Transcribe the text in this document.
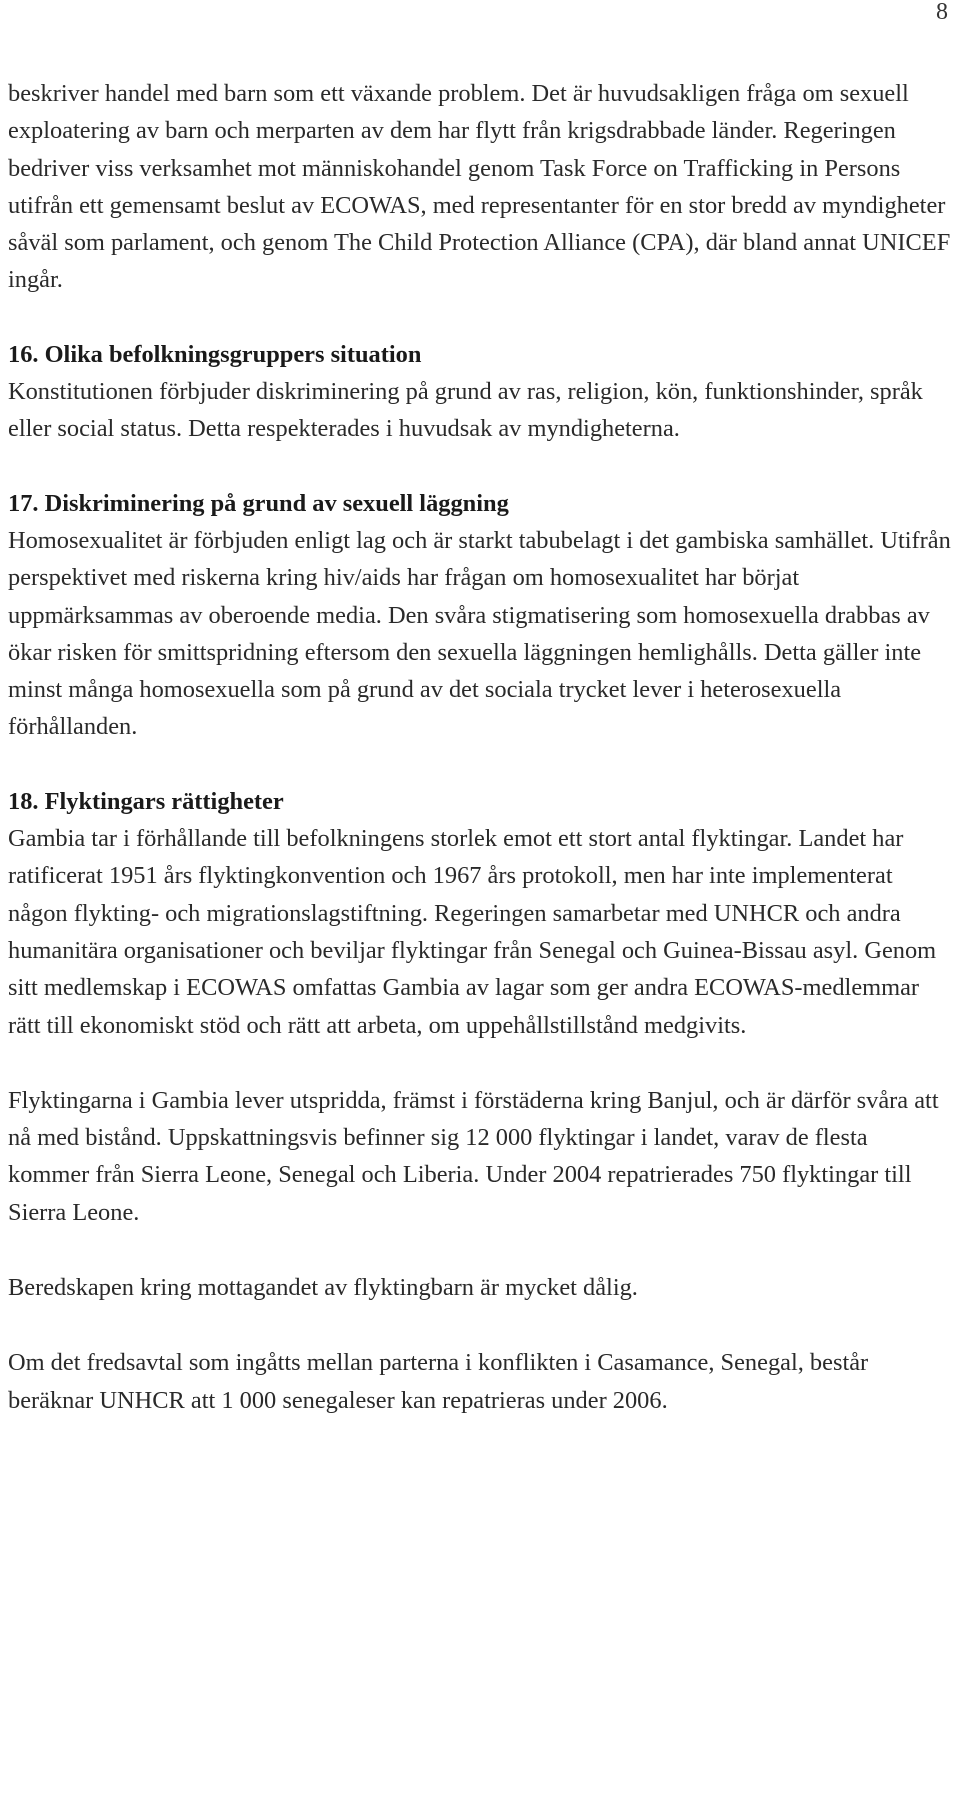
8

beskriver handel med barn som ett växande problem. Det är huvudsakligen fråga om sexuell exploatering av barn och merparten av dem har flytt från krigsdrabbade länder. Regeringen bedriver viss verksamhet mot människohandel genom Task Force on Trafficking in Persons utifrån ett gemensamt beslut av ECOWAS, med representanter för en stor bredd av myndigheter såväl som parlament, och genom The Child Protection Alliance (CPA), där bland annat UNICEF ingår.

16. Olika befolkningsgruppers situation

Konstitutionen förbjuder diskriminering på grund av ras, religion, kön, funktionshinder, språk eller social status. Detta respekterades i huvudsak av myndigheterna.

17. Diskriminering på grund av sexuell läggning

Homosexualitet är förbjuden enligt lag och är starkt tabubelagt i det gambiska samhället. Utifrån perspektivet med riskerna kring hiv/aids har frågan om homosexualitet har börjat uppmärksammas av oberoende media. Den svåra stigmatisering som homosexuella drabbas av ökar risken för smittspridning eftersom den sexuella läggningen hemlighålls. Detta gäller inte minst många homosexuella som på grund av det sociala trycket lever i heterosexuella förhållanden.

18. Flyktingars rättigheter

Gambia tar i förhållande till befolkningens storlek emot ett stort antal flyktingar. Landet har ratificerat 1951 års flyktingkonvention och 1967 års protokoll, men har inte implementerat någon flykting- och migrationslagstiftning. Regeringen samarbetar med UNHCR och andra humanitära organisationer och beviljar flyktingar från Senegal och Guinea-Bissau asyl. Genom sitt medlemskap i ECOWAS omfattas Gambia av lagar som ger andra ECOWAS-medlemmar rätt till ekonomiskt stöd och rätt att arbeta, om uppehållstillstånd medgivits.

Flyktingarna i Gambia lever utspridda, främst i förstäderna kring Banjul, och är därför svåra att nå med bistånd. Uppskattningsvis befinner sig 12 000 flyktingar i landet, varav de flesta kommer från Sierra Leone, Senegal och Liberia. Under 2004 repatrierades 750 flyktingar till Sierra Leone.

Beredskapen kring mottagandet av flyktingbarn är mycket dålig.

Om det fredsavtal som ingåtts mellan parterna i konflikten i Casamance, Senegal, består beräknar UNHCR att 1 000 senegaleser kan repatrieras under 2006.
